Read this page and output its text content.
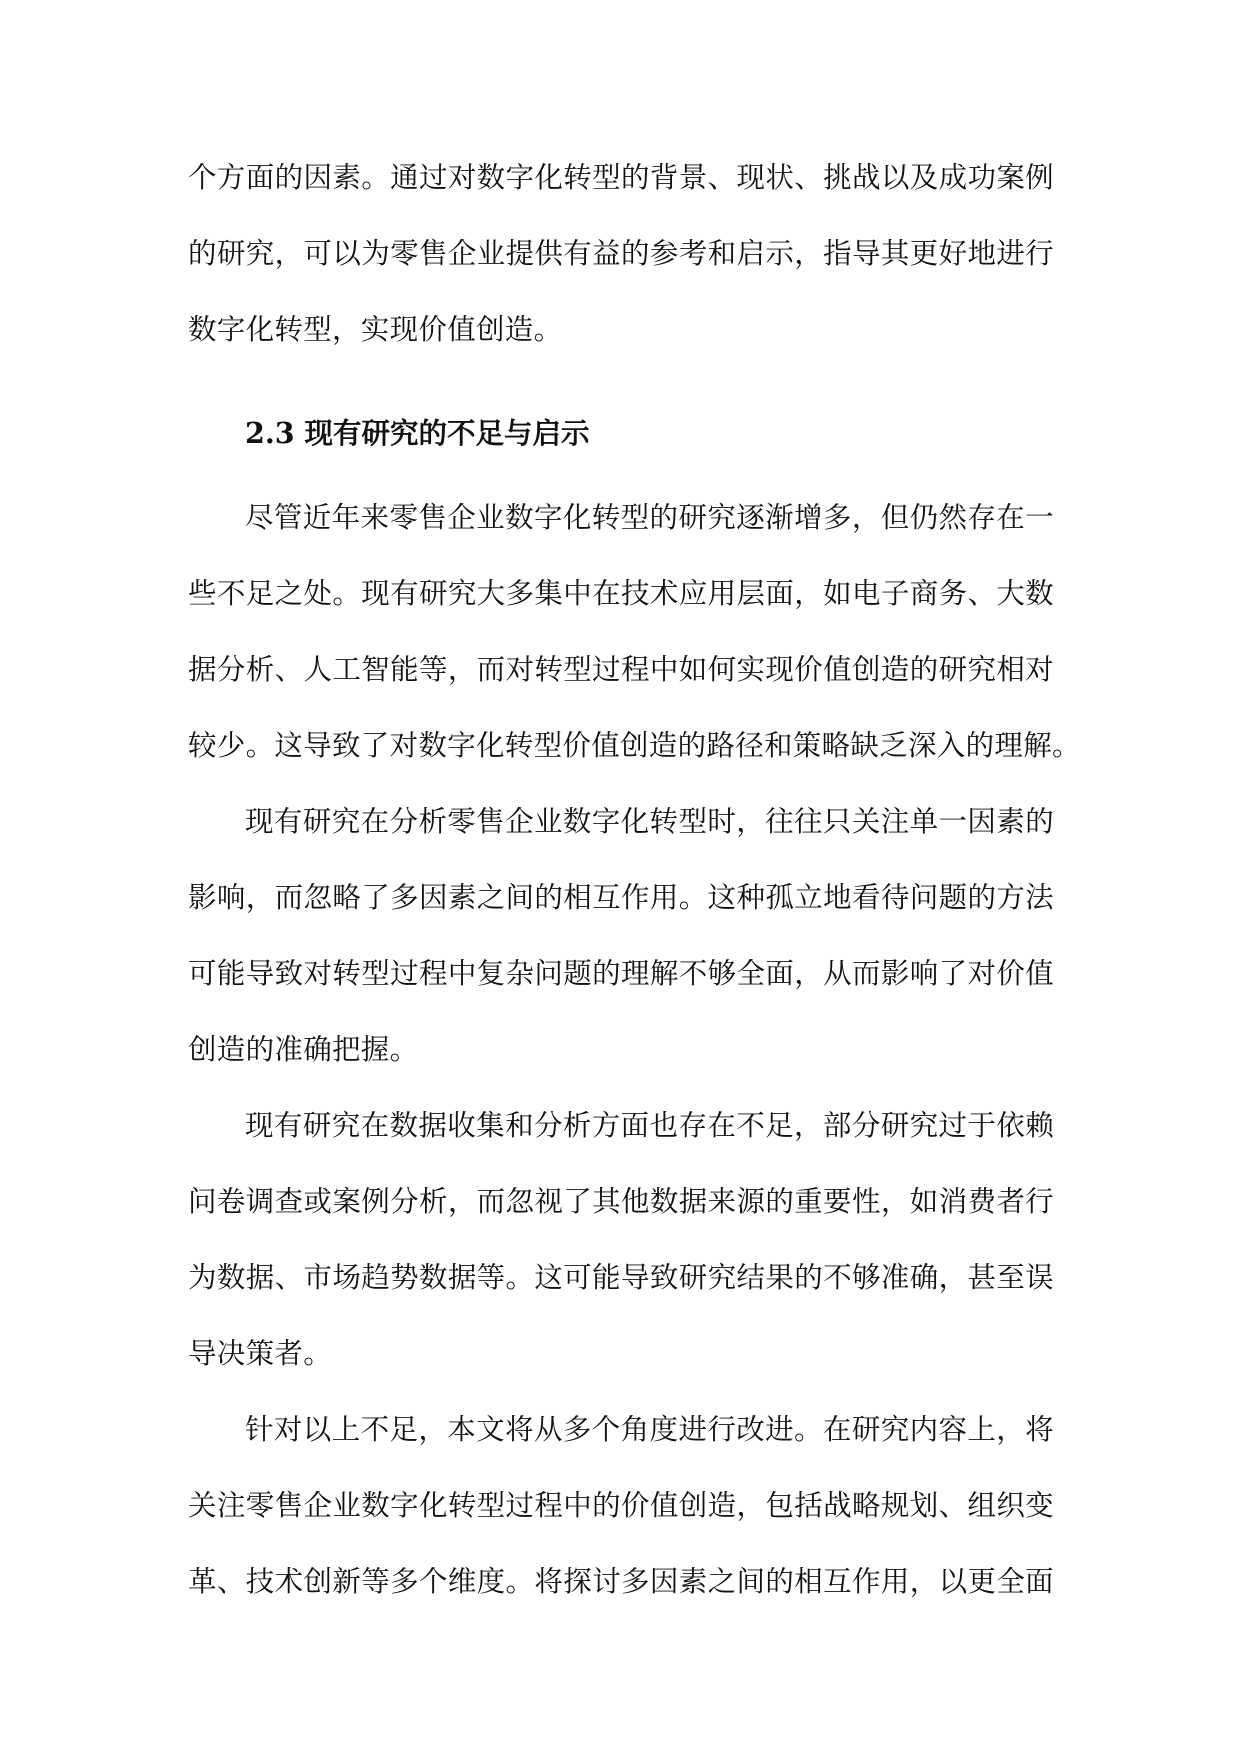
个方面的因素。通过对数字化转型的背景、现状、挑战以及成功案例
的研究，可以为零售企业提供有益的参考和启示，指导其更好地进行
数字化转型，实现价值创造。
2.3 现有研究的不足与启示
尽管近年来零售企业数字化转型的研究逐渐增多，但仍然存在一
些不足之处。现有研究大多集中在技术应用层面，如电子商务、大数
据分析、人工智能等，而对转型过程中如何实现价值创造的研究相对
较少。这导致了对数字化转型价值创造的路径和策略缺乏深入的理解。
现有研究在分析零售企业数字化转型时，往往只关注单一因素的
影响，而忽略了多因素之间的相互作用。这种孤立地看待问题的方法
可能导致对转型过程中复杂问题的理解不够全面，从而影响了对价值
创造的准确把握。
现有研究在数据收集和分析方面也存在不足，部分研究过于依赖
问卷调查或案例分析，而忽视了其他数据来源的重要性，如消费者行
为数据、市场趋势数据等。这可能导致研究结果的不够准确，甚至误
导决策者。
针对以上不足，本文将从多个角度进行改进。在研究内容上，将
关注零售企业数字化转型过程中的价值创造，包括战略规划、组织变
革、技术创新等多个维度。将探讨多因素之间的相互作用，以更全面
